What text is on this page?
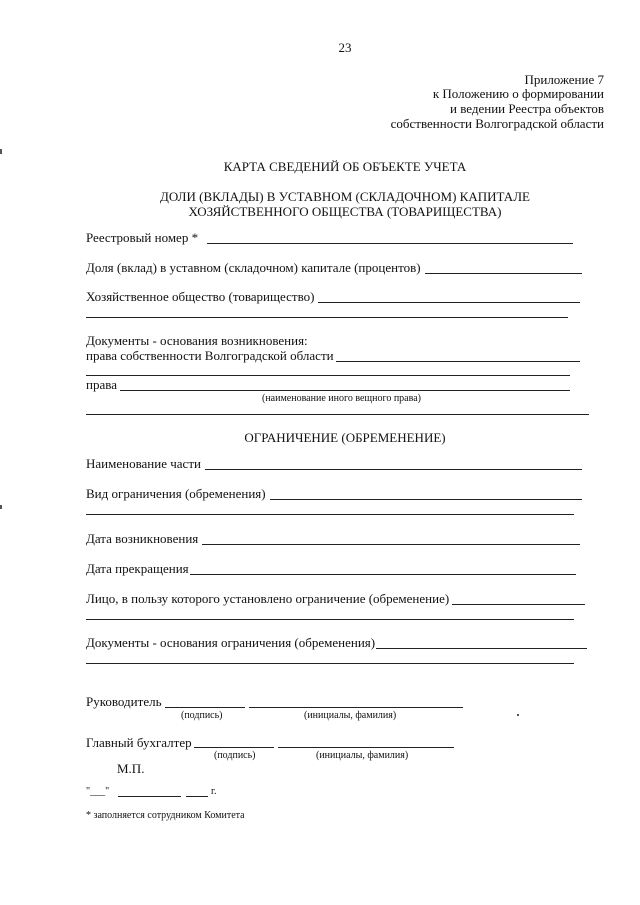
23
Приложение 7
к Положению о формировании
и ведении Реестра объектов
собственности Волгоградской области
КАРТА СВЕДЕНИЙ ОБ ОБЪЕКТЕ УЧЕТА
ДОЛИ (ВКЛАДЫ) В УСТАВНОМ (СКЛАДОЧНОМ) КАПИТАЛЕ
ХОЗЯЙСТВЕННОГО ОБЩЕСТВА (ТОВАРИЩЕСТВА)
Реестровый номер *
Доля (вклад) в уставном (складочном) капитале (процентов)
Хозяйственное общество (товарищество)
Документы - основания возникновения:
права собственности Волгоградской области
права
(наименование иного вещного права)
ОГРАНИЧЕНИЕ (ОБРЕМЕНЕНИЕ)
Наименование части
Вид ограничения (обременения)
Дата возникновения
Дата прекращения
Лицо, в пользу которого установлено ограничение (обременение)
Документы - основания ограничения (обременения)
Руководитель
(подпись)	(инициалы, фамилия)
Главный бухгалтер
(подпись)	(инициалы, фамилия)
М.П.
"___"	г.
* заполняется сотрудником Комитета
